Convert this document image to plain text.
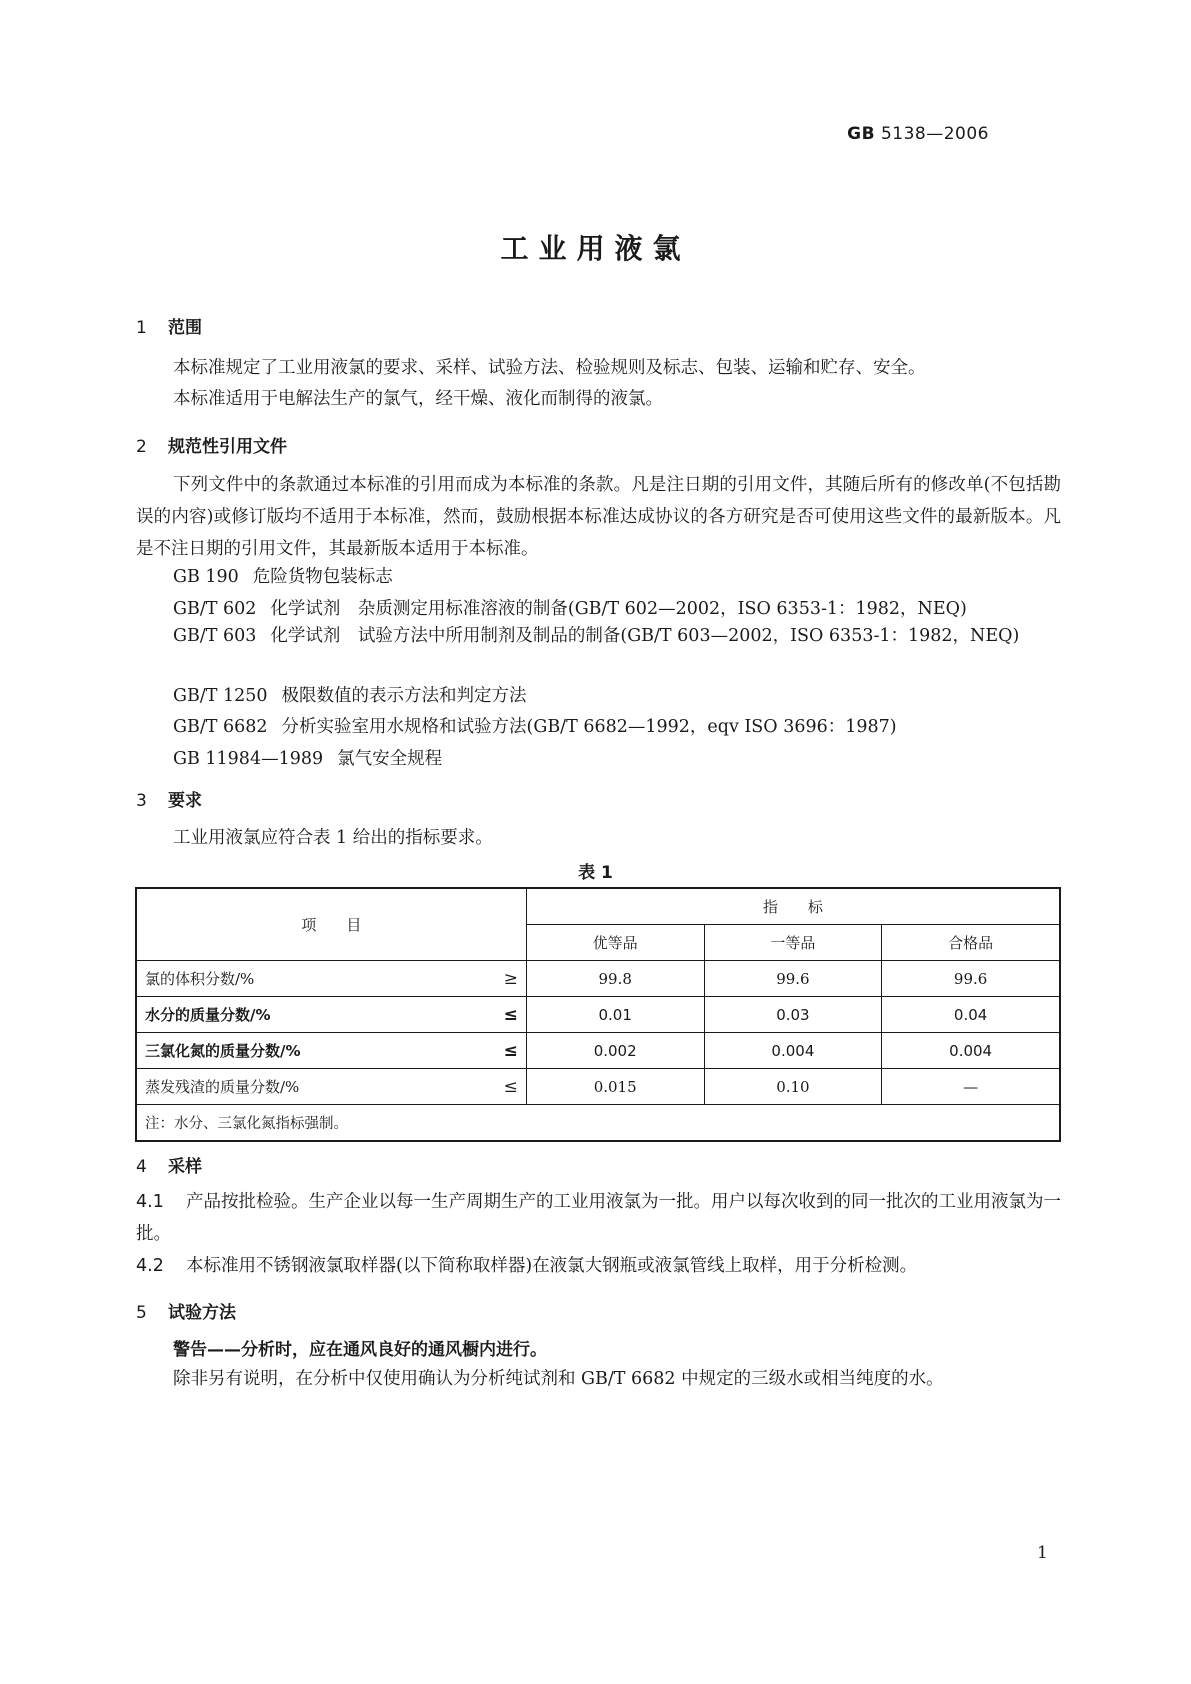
GB 5138—2006
工业用液氯
1 范围

本标准规定了工业用液氯的要求、采样、试验方法、检验规则及标志、包装、运输和贮存、安全。

本标准适用于电解法生产的氯气，经干燥、液化而制得的液氯。

2 规范性引用文件

下列文件中的条款通过本标准的引用而成为本标准的条款。凡是注日期的引用文件，其随后所有的修改单(不包括勘误的内容)或修订版均不适用于本标准，然而，鼓励根据本标准达成协议的各方研究是否可使用这些文件的最新版本。凡是不注日期的引用文件，其最新版本适用于本标准。

GB 190 危险货物包装标志
GB/T 602 化学试剂　杂质测定用标准溶液的制备(GB/T 602—2002，ISO 6353-1：1982，NEQ)
GB/T 603 化学试剂　试验方法中所用制剂及制品的制备(GB/T 603—2002，ISO 6353-1：1982，NEQ)
GB/T 1250 极限数值的表示方法和判定方法
GB/T 6682 分析实验室用水规格和试验方法(GB/T 6682—1992，eqv ISO 3696：1987)
GB 11984—1989 氯气安全规程
3 要求

工业用液氯应符合表 1 给出的指标要求。

表 1
项　　目		指　　标		
		优等品	一等品	合格品
氯的体积分数/%	≥	99.8	99.6	99.6
水分的质量分数/%	≤	0.01	0.03	0.04
三氯化氮的质量分数/%	≤	0.002	0.004	0.004
蒸发残渣的质量分数/%	≤	0.015	0.10	—
注：水分、三氯化氮指标强制。				
4 采样

4.1 产品按批检验。生产企业以每一生产周期生产的工业用液氯为一批。用户以每次收到的同一批次的工业用液氯为一批。

4.2 本标准用不锈钢液氯取样器(以下简称取样器)在液氯大钢瓶或液氯管线上取样，用于分析检测。

5 试验方法
警告——分析时，应在通风良好的通风橱内进行。

除非另有说明，在分析中仅使用确认为分析纯试剂和 GB/T 6682 中规定的三级水或相当纯度的水。

1
